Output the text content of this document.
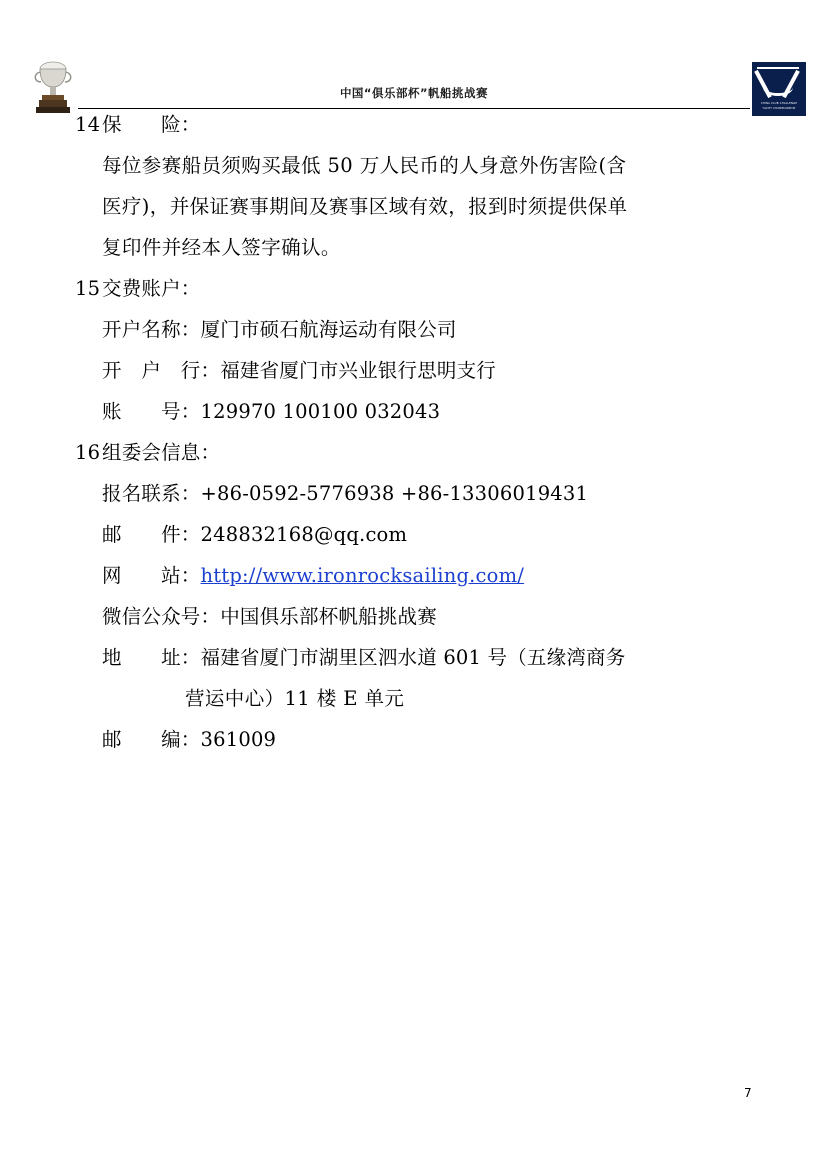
中国“俱乐部杯”帆船挑战赛
CHINA CLUB CHALLENGE
YACHT CHAMPIONSHIP
14保　　险：
每位参赛船员须购买最低 50 万人民币的人身意外伤害险(含
医疗)，并保证赛事期间及赛事区域有效，报到时须提供保单
复印件并经本人签字确认。
15交费账户：
开户名称：厦门市硕石航海运动有限公司
开　户　行：福建省厦门市兴业银行思明支行
账　　号：129970 100100 032043
16组委会信息：
报名联系：+86-0592-5776938 +86-13306019431
邮　　件：248832168@qq.com
网　　站：http://www.ironrocksailing.com/
微信公众号：中国俱乐部杯帆船挑战赛
地　　址：福建省厦门市湖里区泗水道 601 号（五缘湾商务
营运中心）11 楼 E 单元
邮　　编：361009
7
